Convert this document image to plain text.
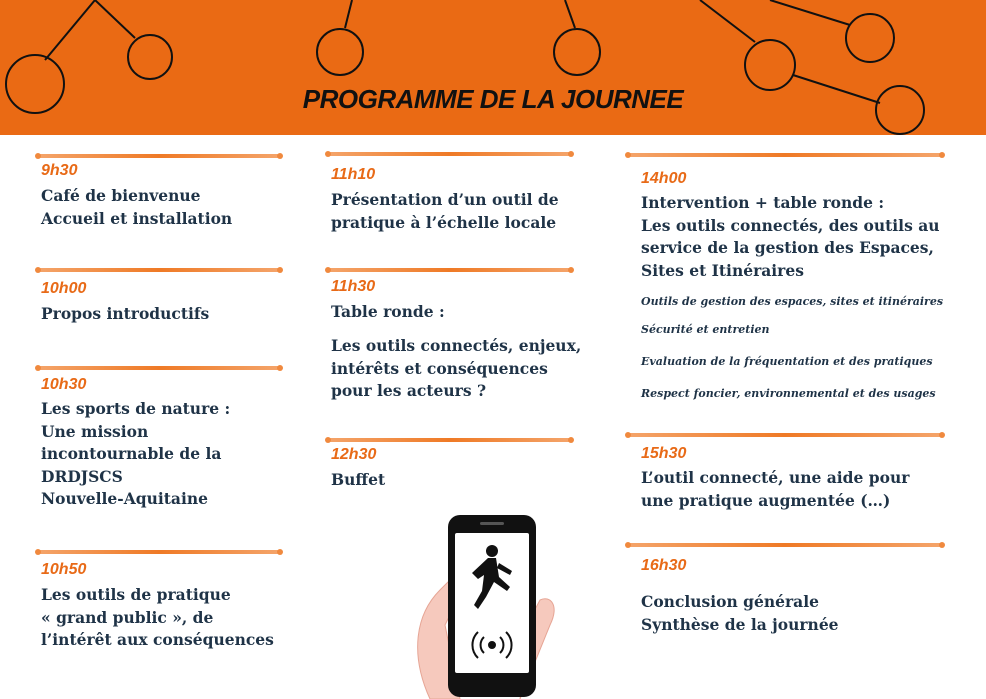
PROGRAMME DE LA JOURNEE
9h30
Café de bienvenue
Accueil et installation
10h00
Propos introductifs
10h30
Les sports de nature :
Une mission
incontournable de la
DRDJSCS
Nouvelle-Aquitaine
10h50
Les outils de pratique
« grand public », de
l’intérêt aux conséquences
11h10
Présentation d’un outil de
pratique à l’échelle locale
11h30
Table ronde :
Les outils connectés, enjeux,
intérêts et conséquences
pour les acteurs ?
12h30
Buffet
14h00
Intervention + table ronde :
Les outils connectés, des outils au
service de la gestion des Espaces,
Sites et Itinéraires
Outils de gestion des espaces, sites et itinéraires
Sécurité et entretien
Evaluation de la fréquentation et des pratiques
Respect foncier, environnemental et des usages
15h30
L’outil connecté, une aide pour
une pratique augmentée (…)
16h30
Conclusion générale
Synthèse de la journée
